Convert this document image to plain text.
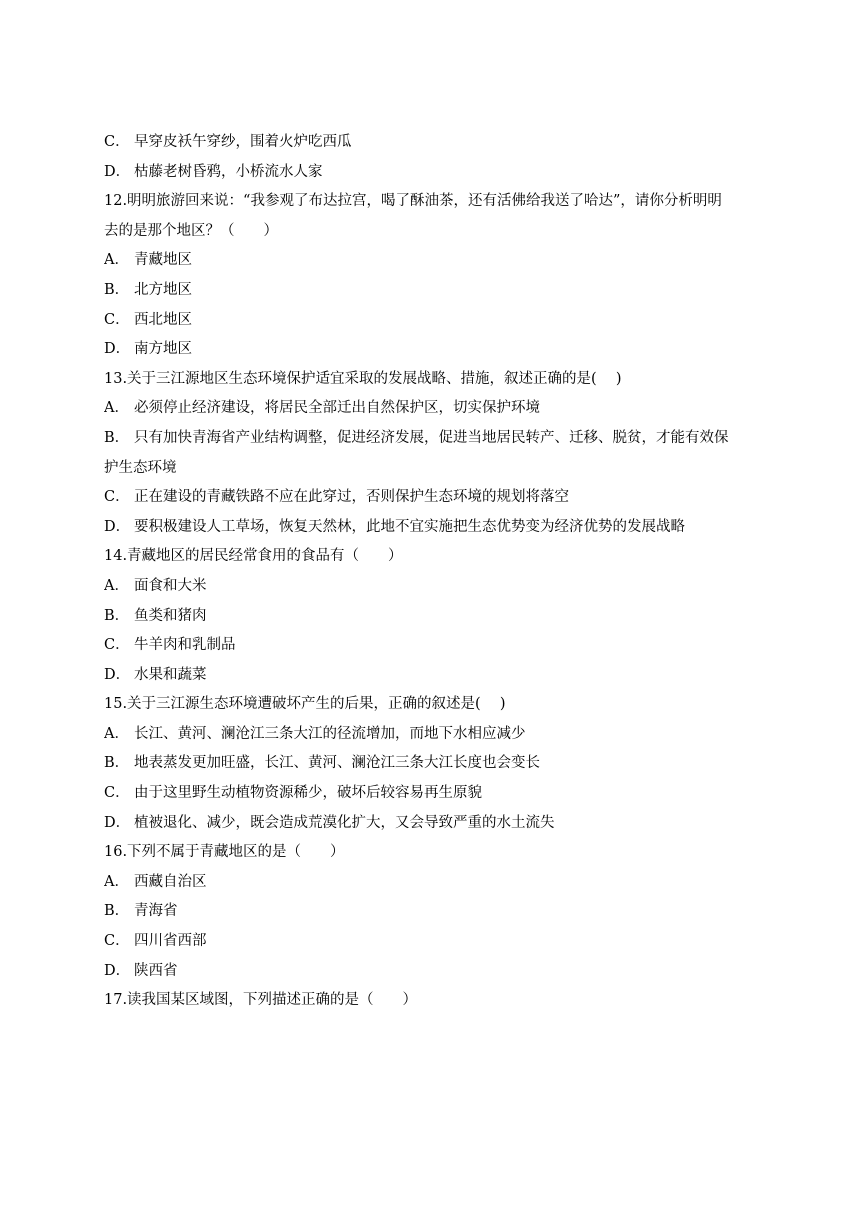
C． 早穿皮袄午穿纱，围着火炉吃西瓜
D． 枯藤老树昏鸦，小桥流水人家
12.明明旅游回来说：“我参观了布达拉宫，喝了酥油茶，还有活佛给我送了哈达”，请你分析明明
去的是那个地区？（　　）
A． 青藏地区
B． 北方地区
C． 西北地区
D． 南方地区
13.关于三江源地区生态环境保护适宜采取的发展战略、措施，叙述正确的是(　 )
A． 必须停止经济建设，将居民全部迁出自然保护区，切实保护环境
B． 只有加快青海省产业结构调整，促进经济发展，促进当地居民转产、迁移、脱贫，才能有效保
护生态环境
C． 正在建设的青藏铁路不应在此穿过，否则保护生态环境的规划将落空
D． 要积极建设人工草场，恢复天然林，此地不宜实施把生态优势变为经济优势的发展战略
14.青藏地区的居民经常食用的食品有（　　）
A． 面食和大米
B． 鱼类和猪肉
C． 牛羊肉和乳制品
D． 水果和蔬菜
15.关于三江源生态环境遭破坏产生的后果，正确的叙述是(　 )
A． 长江、黄河、澜沧江三条大江的径流增加，而地下水相应减少
B． 地表蒸发更加旺盛，长江、黄河、澜沧江三条大江长度也会变长
C． 由于这里野生动植物资源稀少，破坏后较容易再生原貌
D． 植被退化、减少，既会造成荒漠化扩大，又会导致严重的水土流失
16.下列不属于青藏地区的是（　　）
A． 西藏自治区
B． 青海省
C． 四川省西部
D． 陕西省
17.读我国某区域图，下列描述正确的是（　　）
